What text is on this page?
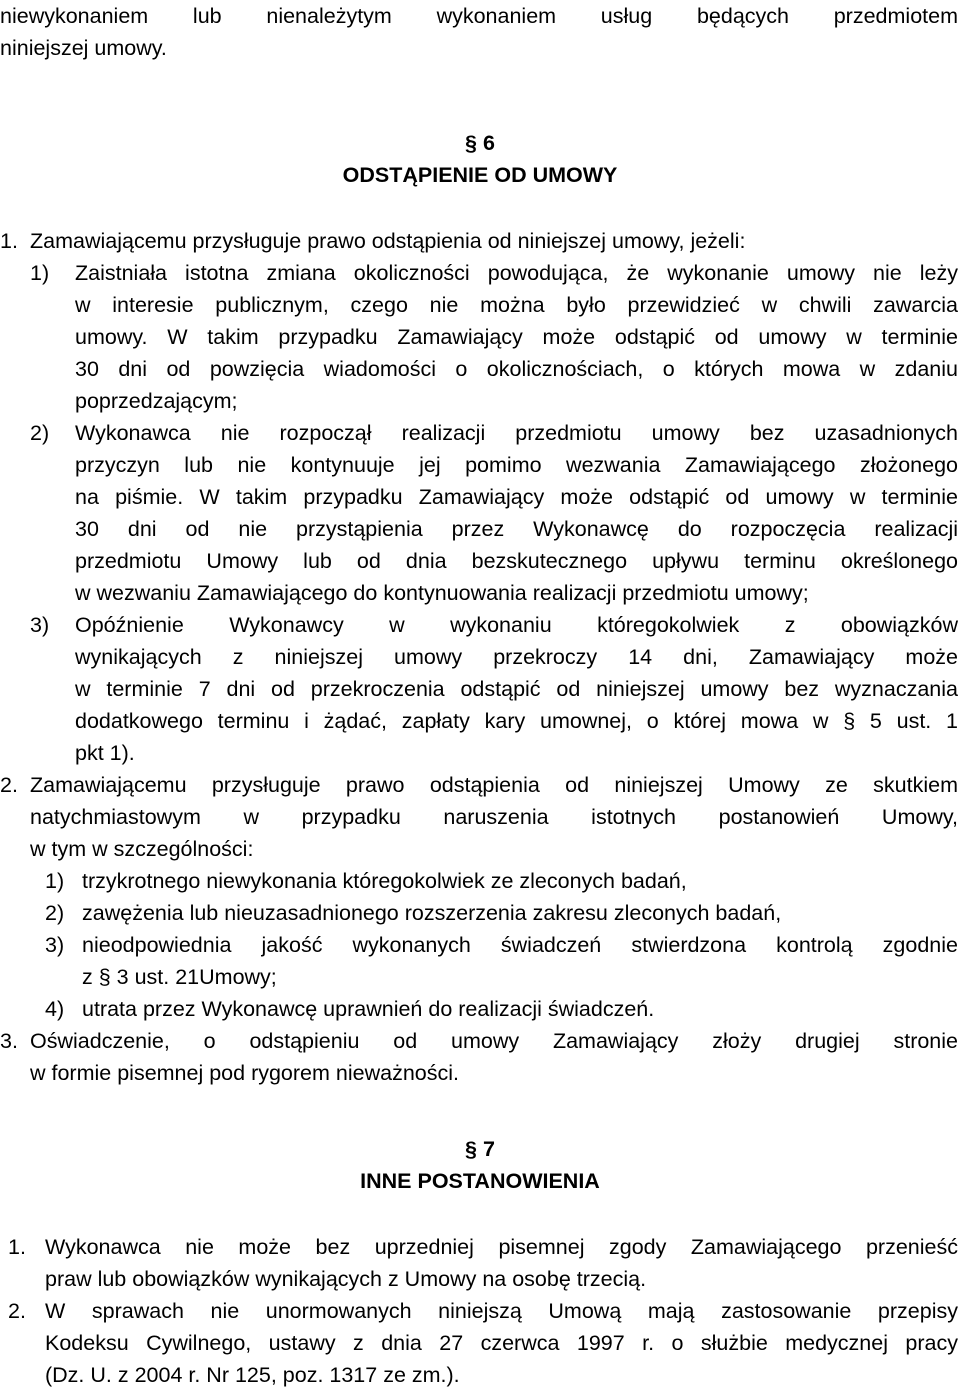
niewykonaniem lub nienależytym wykonaniem usług będących przedmiotem
niniejszej umowy.
§ 6
ODSTĄPIENIE OD UMOWY
1. Zamawiającemu przysługuje prawo odstąpienia od niniejszej umowy, jeżeli:
1) Zaistniała istotna zmiana okoliczności powodująca, że wykonanie umowy nie leży
w interesie publicznym, czego nie można było przewidzieć w chwili zawarcia
umowy. W takim przypadku Zamawiający może odstąpić od umowy w terminie
30 dni od powzięcia wiadomości o okolicznościach, o których mowa w zdaniu
poprzedzającym;
2) Wykonawca nie rozpoczął realizacji przedmiotu umowy bez uzasadnionych
przyczyn lub nie kontynuuje jej pomimo wezwania Zamawiającego złożonego
na piśmie. W takim przypadku Zamawiający może odstąpić od umowy w terminie
30 dni od nie przystąpienia przez Wykonawcę do rozpoczęcia realizacji
przedmiotu Umowy lub od dnia bezskutecznego upływu terminu określonego
w wezwaniu Zamawiającego do kontynuowania realizacji przedmiotu umowy;
3) Opóźnienie Wykonawcy w wykonaniu któregokolwiek z obowiązków
wynikających z niniejszej umowy przekroczy 14 dni, Zamawiający może
w terminie 7 dni od przekroczenia odstąpić od niniejszej umowy bez wyznaczania
dodatkowego terminu i żądać, zapłaty kary umownej, o której mowa w § 5 ust. 1
pkt 1).
2. Zamawiającemu przysługuje prawo odstąpienia od niniejszej Umowy ze skutkiem
natychmiastowym w przypadku naruszenia istotnych postanowień Umowy,
w tym w szczególności:
1) trzykrotnego niewykonania któregokolwiek ze zleconych badań,
2) zawężenia lub nieuzasadnionego rozszerzenia zakresu zleconych badań,
3) nieodpowiednia jakość wykonanych świadczeń stwierdzona kontrolą zgodnie
z § 3 ust. 21Umowy;
4) utrata przez Wykonawcę uprawnień do realizacji świadczeń.
3. Oświadczenie, o odstąpieniu od umowy Zamawiający złoży drugiej stronie
w formie pisemnej pod rygorem nieważności.
§ 7
INNE POSTANOWIENIA
1. Wykonawca nie może bez uprzedniej pisemnej zgody Zamawiającego przenieść
praw lub obowiązków wynikających z Umowy na osobę trzecią.
2. W sprawach nie unormowanych niniejszą Umową mają zastosowanie przepisy
Kodeksu Cywilnego, ustawy z dnia 27 czerwca 1997 r. o służbie medycznej pracy
(Dz. U. z 2004 r. Nr 125, poz. 1317 ze zm.).
